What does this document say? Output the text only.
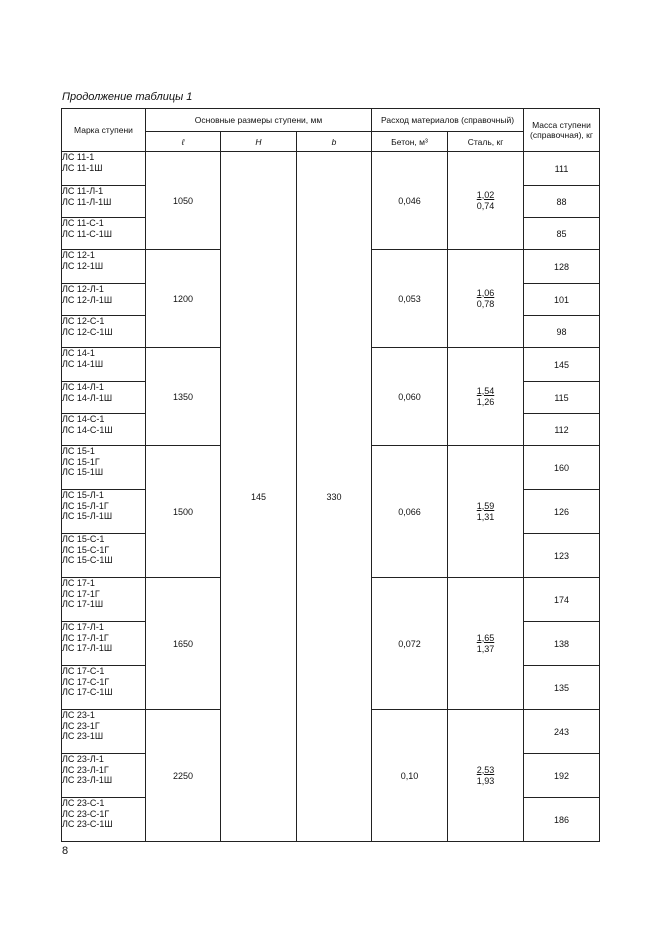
Продолжение таблицы 1
Марка ступени	Основные размеры ступени, мм			Расход материалов (справочный)		Масса ступени (справочная), кг
	ℓ	H	b	Бетон, м³	Сталь, кг	
ЛС 11-1
ЛС 11-1Ш	1050	145	330	0,046	$\frac{1,02}{0,74}$	111
ЛС 11-Л-1
ЛС 11-Л-1Ш						88
ЛС 11-С-1
ЛС 11-С-1Ш						85
ЛС 12-1
ЛС 12-1Ш	1200			0,053	$\frac{1,06}{0,78}$	128
ЛС 12-Л-1
ЛС 12-Л-1Ш						101
ЛС 12-С-1
ЛС 12-С-1Ш						98
ЛС 14-1
ЛС 14-1Ш	1350			0,060	$\frac{1,54}{1,26}$	145
ЛС 14-Л-1
ЛС 14-Л-1Ш						115
ЛС 14-С-1
ЛС 14-С-1Ш						112
ЛС 15-1
ЛС 15-1Г
ЛС 15-1Ш	1500			0,066	$\frac{1,59}{1,31}$	160
ЛС 15-Л-1
ЛС 15-Л-1Г
ЛС 15-Л-1Ш						126
ЛС 15-С-1
ЛС 15-С-1Г
ЛС 15-С-1Ш						123
ЛС 17-1
ЛС 17-1Г
ЛС 17-1Ш	1650			0,072	$\frac{1,65}{1,37}$	174
ЛС 17-Л-1
ЛС 17-Л-1Г
ЛС 17-Л-1Ш						138
ЛС 17-С-1
ЛС 17-С-1Г
ЛС 17-С-1Ш						135
ЛС 23-1
ЛС 23-1Г
ЛС 23-1Ш	2250			0,10	$\frac{2,53}{1,93}$	243
ЛС 23-Л-1
ЛС 23-Л-1Г
ЛС 23-Л-1Ш						192
ЛС 23-С-1
ЛС 23-С-1Г
ЛС 23-С-1Ш						186
8
